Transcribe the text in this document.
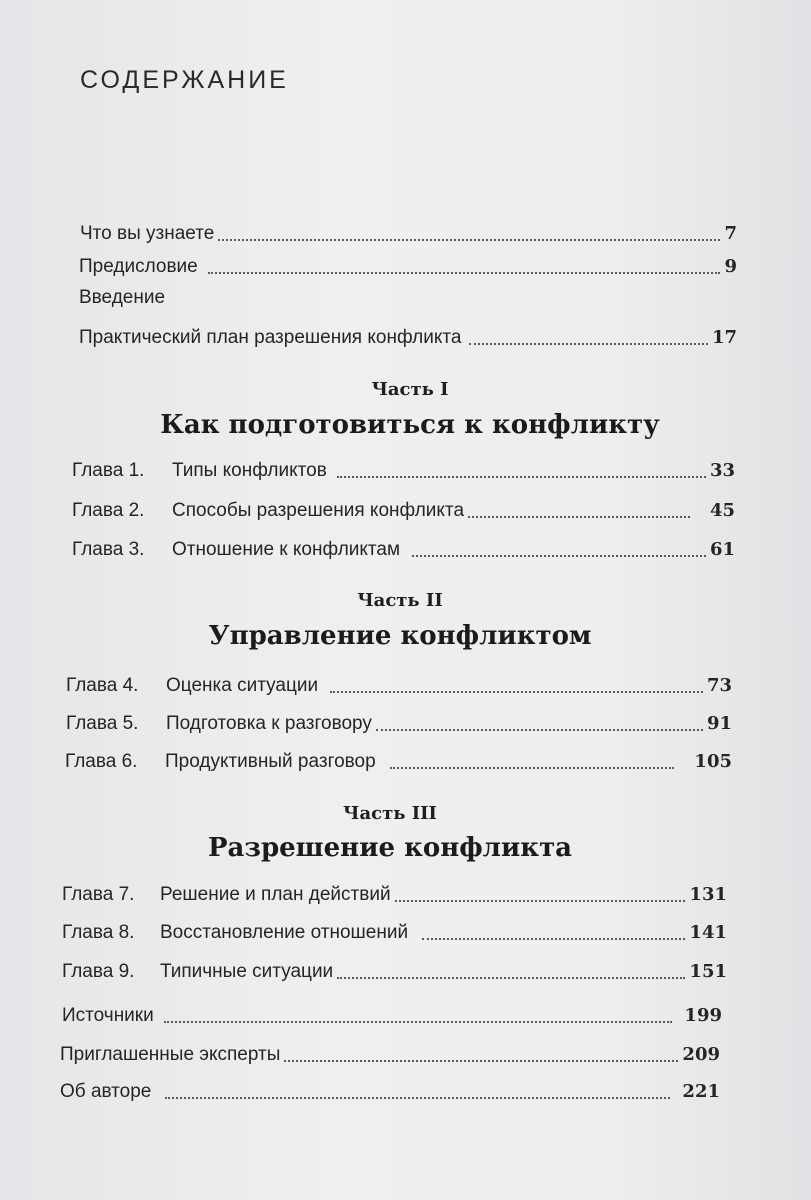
СОДЕРЖАНИЕ
Что вы узнаете	7
Предисловие	9
Введение
Практический план разрешения конфликта	17
Часть I
Как подготовиться к конфликту
Глава 1.	Типы конфликтов	33
Глава 2.	Способы разрешения конфликта	45
Глава 3.	Отношение к конфликтам	61
Часть II
Управление конфликтом
Глава 4.	Оценка ситуации	73
Глава 5.	Подготовка к разговору	91
Глава 6.	Продуктивный разговор	105
Часть III
Разрешение конфликта
Глава 7.	Решение и план действий	131
Глава 8.	Восстановление отношений	141
Глава 9.	Типичные ситуации	151
Источники	199
Приглашенные эксперты	209
Об авторе	221
